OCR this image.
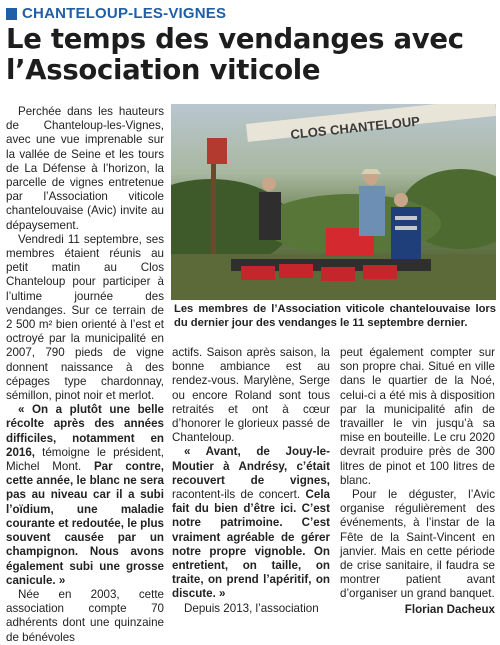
CHANTELOUP-LES-VIGNES
Le temps des vendanges avec l’Association viticole

Perchée dans les hauteurs de Chanteloup-les-Vignes, avec une vue imprenable sur la vallée de Seine et les tours de La Défense à l’horizon, la parcelle de vignes entretenue par l’Association viticole chantelouvaise (Avic) invite au dépaysement.

Vendredi 11 septembre, ses membres étaient réunis au petit matin au Clos Chanteloup pour participer à l’ultime journée des vendanges. Sur ce terrain de 2 500 m² bien orienté à l’est et octroyé par la municipalité en 2007, 790 pieds de vigne donnent naissance à des cépages type chardonnay, sémillon, pinot noir et merlot.

« On a plutôt une belle récolte après des années difficiles, notamment en 2016, témoigne le président, Michel Mont. Par contre, cette année, le blanc ne sera pas au niveau car il a subi l’oïdium, une maladie courante et redoutée, le plus souvent causée par un champignon. Nous avons également subi une grosse canicule. »

Née en 2003, cette association compte 70 adhérents dont une quinzaine de bénévoles

CLOS CHANTELOUP
Les membres de l’Association viticole chantelouvaise lors du dernier jour des vendanges le 11 septembre dernier.

actifs. Saison après saison, la bonne ambiance est au rendez-vous. Marylène, Serge ou encore Roland sont tous retraités et ont à cœur d’honorer le glorieux passé de Chanteloup.

« Avant, de Jouy-le-Moutier à Andrésy, c’était recouvert de vignes, racontent-ils de concert. Cela fait du bien d’être ici. C’est notre patrimoine. C’est vraiment agréable de gérer notre propre vignoble. On entretient, on taille, on traite, on prend l’apéritif, on discute. »

Depuis 2013, l’association

peut également compter sur son propre chai. Situé en ville dans le quartier de la Noé, celui-ci a été mis à disposition par la municipalité afin de travailler le vin jusqu’à sa mise en bouteille. Le cru 2020 devrait produire près de 300 litres de pinot et 100 litres de blanc.

Pour le déguster, l’Avic organise régulièrement des événements, à l’instar de la Fête de la Saint-Vincent en janvier. Mais en cette période de crise sanitaire, il faudra se montrer patient avant d’organiser un grand banquet.

Florian Dacheux
